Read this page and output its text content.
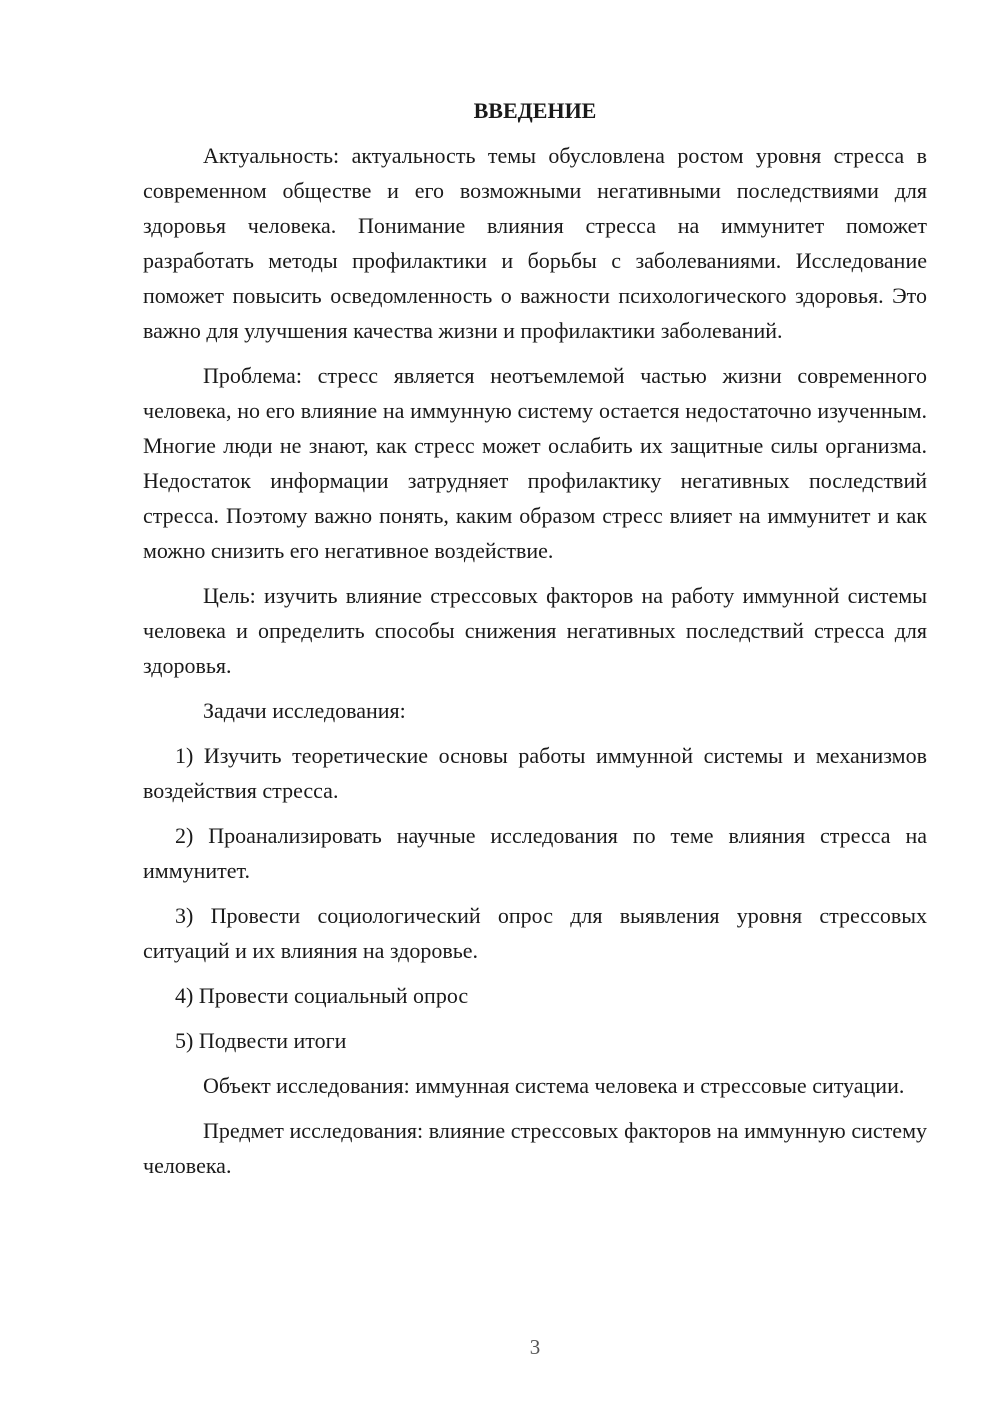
ВВЕДЕНИЕ

Актуальность: актуальность темы обусловлена ростом уровня стресса в современном обществе и его возможными негативными последствиями для здоровья человека. Понимание влияния стресса на иммунитет поможет разработать методы профилактики и борьбы с заболеваниями. Исследование поможет повысить осведомленность о важности психологического здоровья. Это важно для улучшения качества жизни и профилактики заболеваний.

Проблема: стресс является неотъемлемой частью жизни современного человека, но его влияние на иммунную систему остается недостаточно изученным. Многие люди не знают, как стресс может ослабить их защитные силы организма. Недостаток информации затрудняет профилактику негативных последствий стресса. Поэтому важно понять, каким образом стресс влияет на иммунитет и как можно снизить его негативное воздействие.

Цель: изучить влияние стрессовых факторов на работу иммунной системы человека и определить способы снижения негативных последствий стресса для здоровья.

Задачи исследования:

1) Изучить теоретические основы работы иммунной системы и механизмов воздействия стресса.

2) Проанализировать научные исследования по теме влияния стресса на иммунитет.

3) Провести социологический опрос для выявления уровня стрессовых ситуаций и их влияния на здоровье.

4) Провести социальный опрос

5) Подвести итоги

Объект исследования: иммунная система человека и стрессовые ситуации.

Предмет исследования: влияние стрессовых факторов на иммунную систему человека.

3
